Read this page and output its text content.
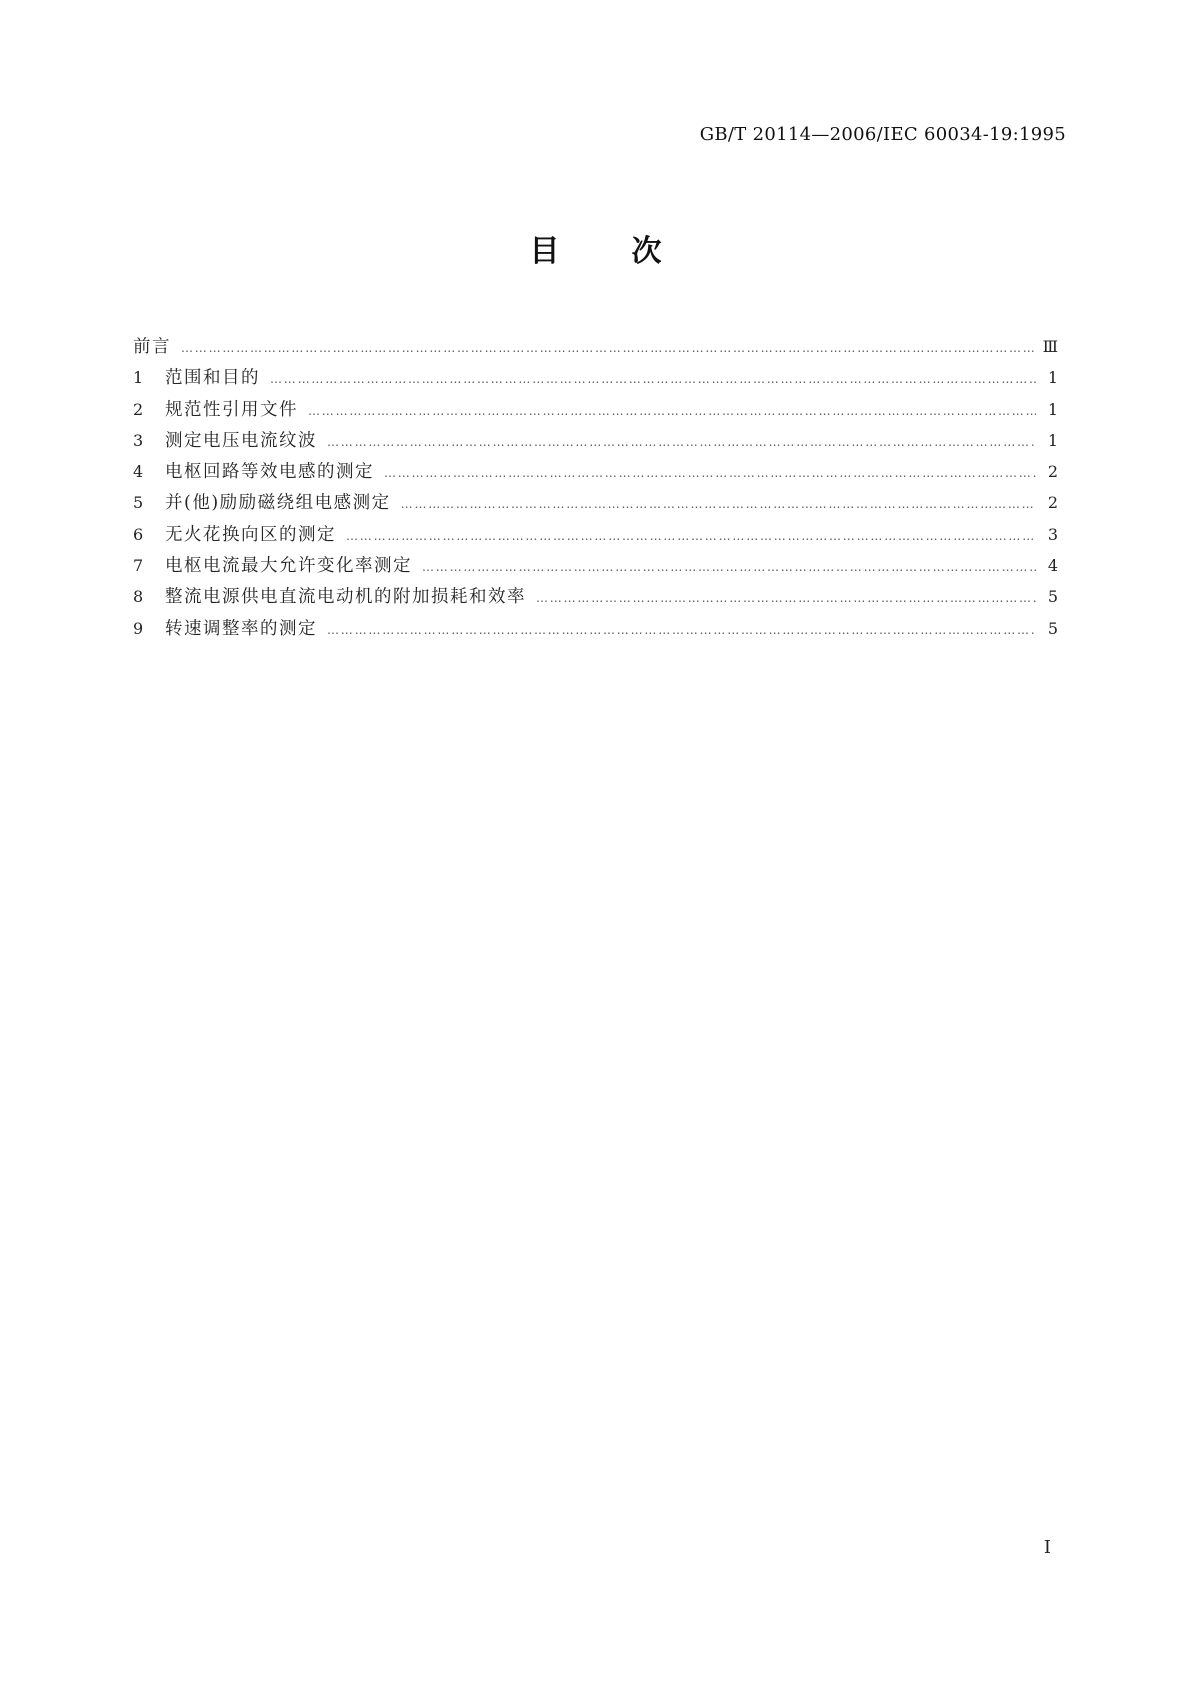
GB/T 20114—2006/IEC 60034-19:1995
目 次
前言 …………………………………………………………………………………………………………………………………………………………………………………………	Ⅲ
1	范围和目的 …………………………………………………………………………………………………………………………………………………………………………………………	1
2	规范性引用文件 …………………………………………………………………………………………………………………………………………………………………………………………	1
3	测定电压电流纹波 …………………………………………………………………………………………………………………………………………………………………………………………	1
4	电枢回路等效电感的测定 …………………………………………………………………………………………………………………………………………………………………………………………	2
5	并(他)励励磁绕组电感测定 …………………………………………………………………………………………………………………………………………………………………………………………	2
6	无火花换向区的测定 …………………………………………………………………………………………………………………………………………………………………………………………	3
7	电枢电流最大允许变化率测定 …………………………………………………………………………………………………………………………………………………………………………………………	4
8	整流电源供电直流电动机的附加损耗和效率 …………………………………………………………………………………………………………………………………………………………………………………………	5
9	转速调整率的测定 …………………………………………………………………………………………………………………………………………………………………………………………	5
Ⅰ
